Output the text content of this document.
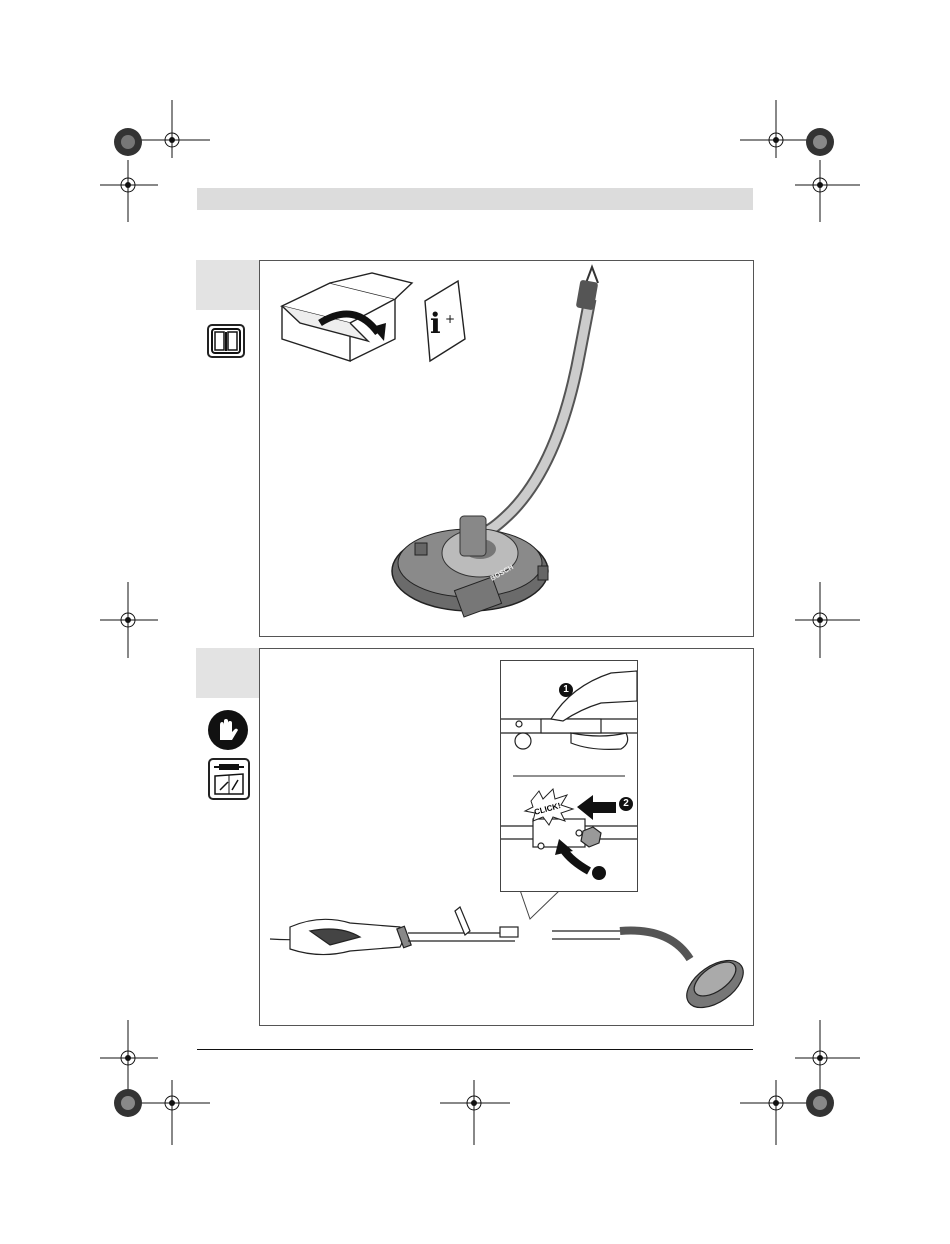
i +
BOSCH
CLICK!
1
2
